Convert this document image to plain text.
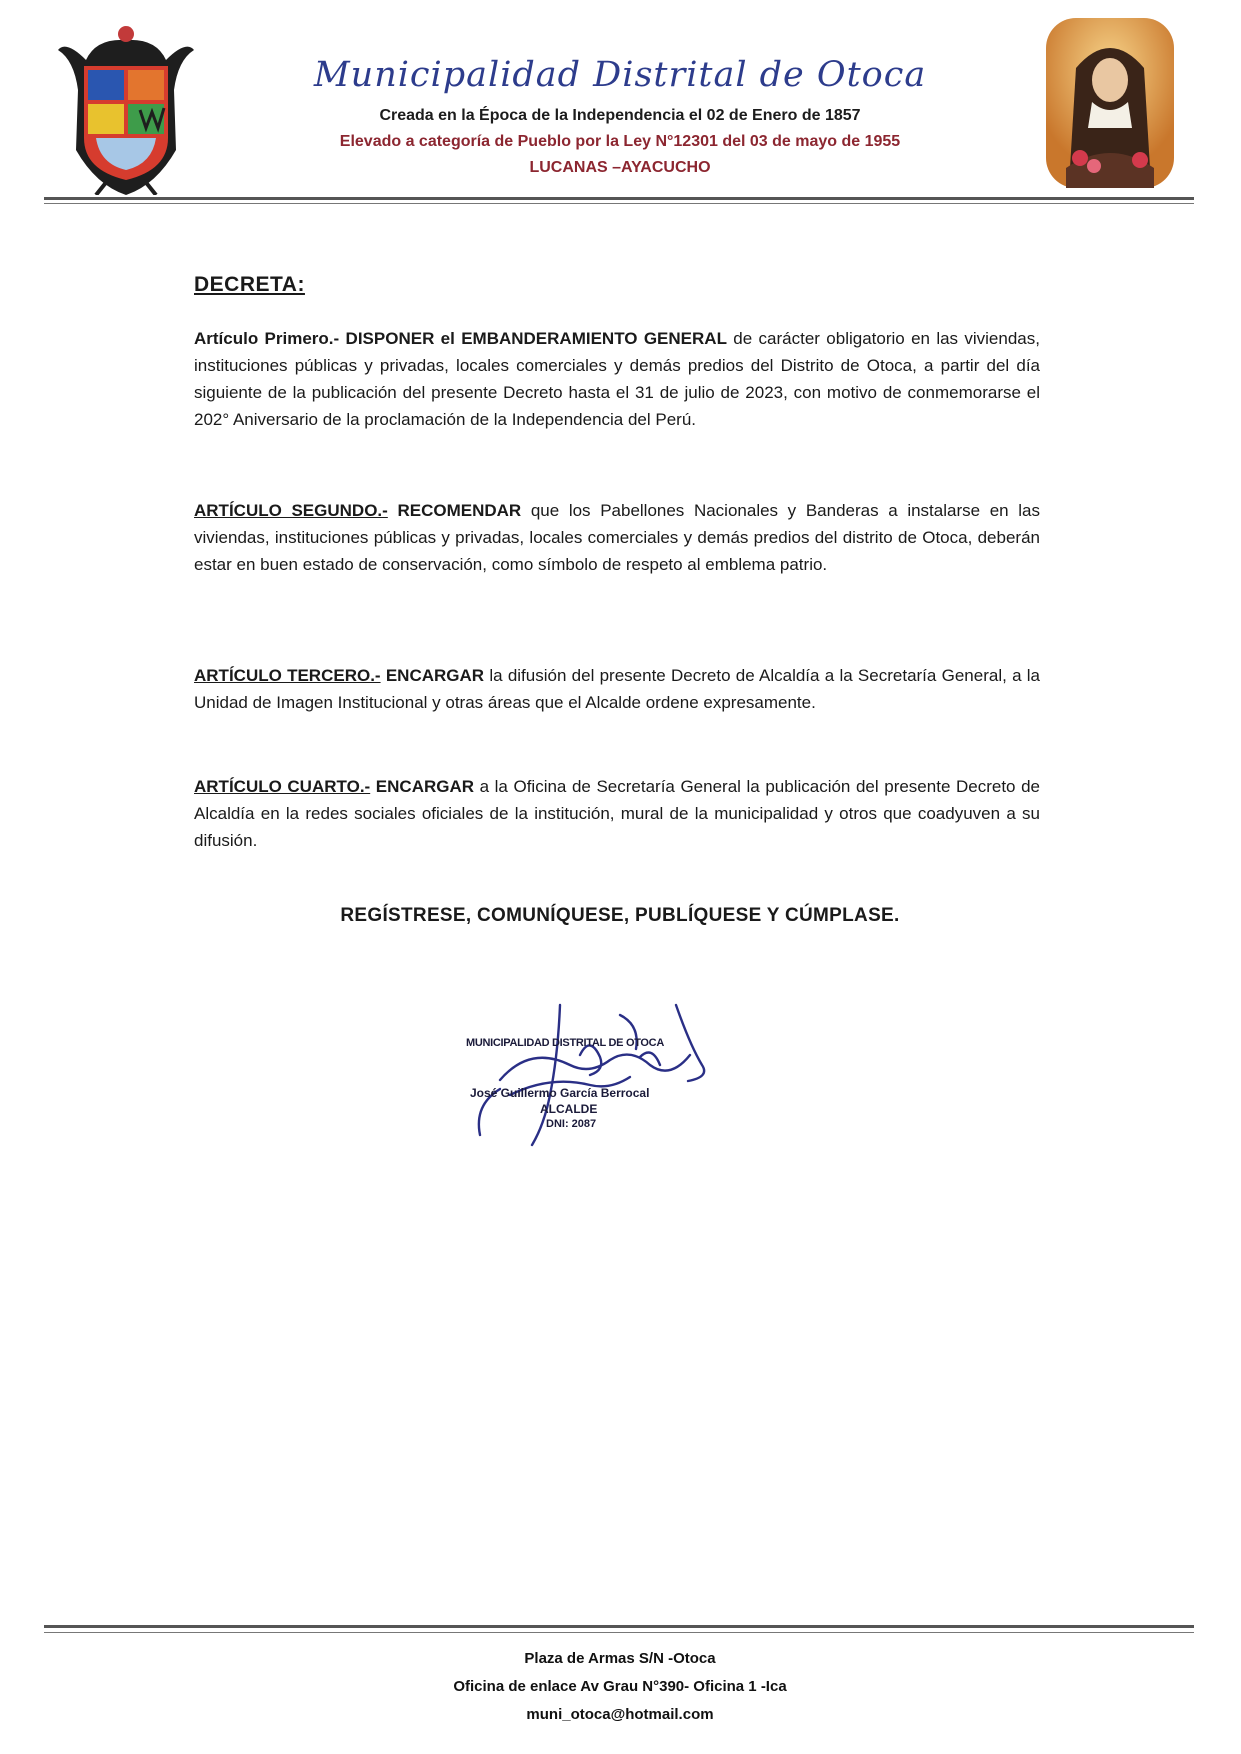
Municipalidad Distrital de Otoca
Creada en la Época de la Independencia el 02 de Enero de 1857
Elevado a categoría de Pueblo por la Ley N°12301 del 03 de mayo de 1955
LUCANAS –AYACUCHO
DECRETA:

Artículo Primero.- DISPONER el EMBANDERAMIENTO GENERAL de carácter obligatorio en las viviendas, instituciones públicas y privadas, locales comerciales y demás predios del Distrito de Otoca, a partir del día siguiente de la publicación del presente Decreto hasta el 31 de julio de 2023, con motivo de conmemorarse el 202° Aniversario de la proclamación de la Independencia del Perú.

ARTÍCULO SEGUNDO.- RECOMENDAR que los Pabellones Nacionales y Banderas a instalarse en las viviendas, instituciones públicas y privadas, locales comerciales y demás predios del distrito de Otoca, deberán estar en buen estado de conservación, como símbolo de respeto al emblema patrio.

ARTÍCULO TERCERO.- ENCARGAR la difusión del presente Decreto de Alcaldía a la Secretaría General, a la Unidad de Imagen Institucional y otras áreas que el Alcalde ordene expresamente.

ARTÍCULO CUARTO.- ENCARGAR a la Oficina de Secretaría General la publicación del presente Decreto de Alcaldía en la redes sociales oficiales de la institución, mural de la municipalidad y otros que coadyuven a su difusión.

REGÍSTRESE, COMUNÍQUESE, PUBLÍQUESE Y CÚMPLASE.
MUNICIPALIDAD DISTRITAL DE OTOCA
José Guillermo García Berrocal
ALCALDE
DNI: 2087
Plaza de Armas S/N -Otoca
Oficina de enlace Av Grau N°390- Oficina 1 -Ica
muni_otoca@hotmail.com
